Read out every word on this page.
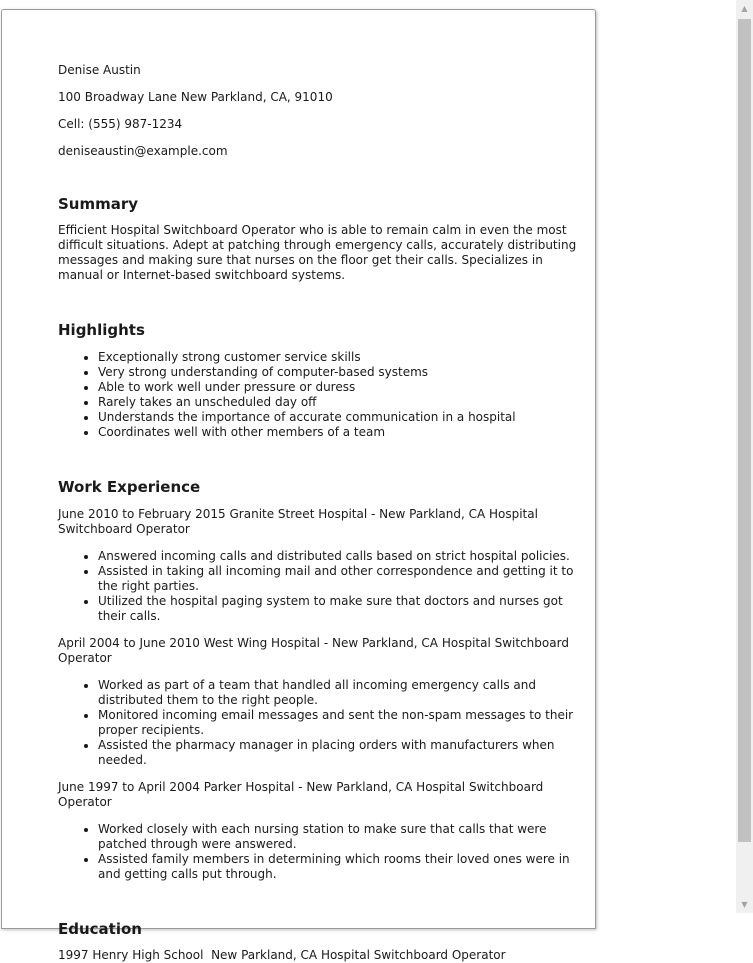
Denise Austin

100 Broadway Lane New Parkland, CA, 91010

Cell: (555) 987-1234

deniseaustin@example.com

Summary

Efficient Hospital Switchboard Operator who is able to remain calm in even the most difficult situations. Adept at patching through emergency calls, accurately distributing messages and making sure that nurses on the floor get their calls. Specializes in manual or Internet-based switchboard systems.

Highlights
• Exceptionally strong customer service skills
• Very strong understanding of computer-based systems
• Able to work well under pressure or duress
• Rarely takes an unscheduled day off
• Understands the importance of accurate communication in a hospital
• Coordinates well with other members of a team
Work Experience

June 2010 to February 2015 Granite Street Hospital - New Parkland, CA Hospital Switchboard Operator

• Answered incoming calls and distributed calls based on strict hospital policies.
• Assisted in taking all incoming mail and other correspondence and getting it to the right parties.
• Utilized the hospital paging system to make sure that doctors and nurses got their calls.

April 2004 to June 2010 West Wing Hospital - New Parkland, CA Hospital Switchboard Operator

• Worked as part of a team that handled all incoming emergency calls and distributed them to the right people.
• Monitored incoming email messages and sent the non-spam messages to their proper recipients.
• Assisted the pharmacy manager in placing orders with manufacturers when needed.

June 1997 to April 2004 Parker Hospital - New Parkland, CA Hospital Switchboard Operator

• Worked closely with each nursing station to make sure that calls that were patched through were answered.
• Assisted family members in determining which rooms their loved ones were in and getting calls put through.
Education

1997 Henry High School  New Parkland, CA Hospital Switchboard Operator

▲
▼
